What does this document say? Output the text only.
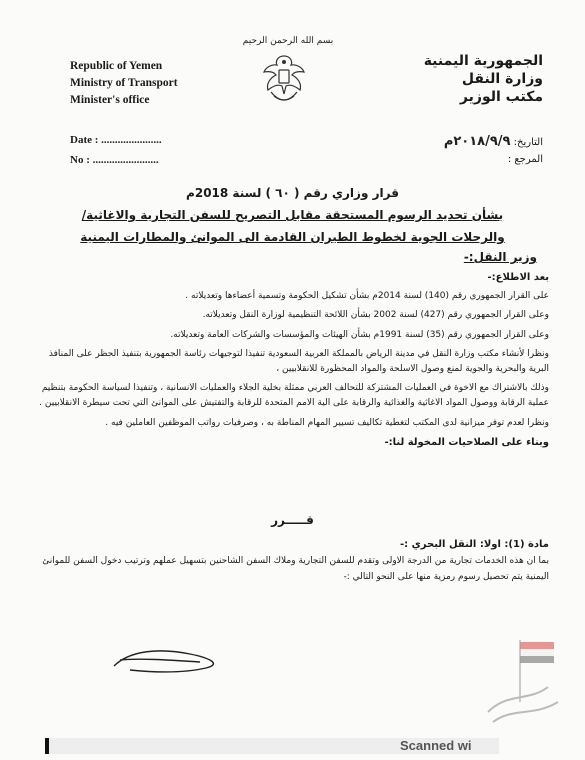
Republic of Yemen
Ministry of Transport
Minister's office
Date : ......................
No : ........................
بسم الله الرحمن الرحيم
الجمهورية اليمنية
وزارة النقل
مكتب الوزير
التاريخ: ٢٠١٨/٩/٩م
المرجع :
قرار وزاري رقم ( ٦٠ ) لسنة 2018م
بشأن تحديد الرسوم المستحقة مقابل التصريح للسفن التجارية والاغاثية/
والرحلات الجوية لخطوط الطيران القادمة الى الموانئ والمطارات اليمنية
وزير النقل:-

بعد الاطلاع:-

على القرار الجمهوري رقم (140) لسنة 2014م بشأن تشكيل الحكومة وتسمية أعضاءها وتعديلاته .

وعلى القرار الجمهوري رقم (427) لسنة 2002 بشأن اللائحة التنظيمية لوزارة النقل وتعديلاته.

وعلى القرار الجمهوري رقم (35) لسنة 1991م بشأن الهيئات والمؤسسات والشركات العامة وتعديلاته.

ونظرا لأنشاء مكتب وزارة النقل في مدينة الرياض بالمملكة العربية السعودية تنفيذا لتوجيهات رئاسة الجمهورية بتنفيذ الحظر على المنافذ البرية والبحرية والجوية لمنع وصول الاسلحة والمواد المحظورة للانقلابيين ،

وذلك بالاشتراك مع الاخوة في العمليات المشتركة للتحالف العربي ممثلة بخلية الجلاء والعمليات الانسانية ، وتنفيذا لسياسة الحكومة بتنظيم عملية الرقابة ووصول المواد الاغاثية والغذائية والرقابة على الية الامم المتحدة للرقابة والتفتيش على الموانئ التي تحت سيطرة الانقلابيين .

ونظرا لعدم توفر ميزانية لدى المكتب لتغطية تكاليف تسيير المهام المناطة به ، وصرفيات رواتب الموظفين العاملين فيه .

وبناء على الصلاحيات المخولة لنا:-

قـــــرر
مادة (1): اولا: النقل البحري :-
بما ان هذه الخدمات تجارية من الدرجة الاولى وتقدم للسفن التجارية وملاك السفن الشاحنين بتسهيل عملهم وترتيب دخول السفن للموانئ اليمنية يتم تحصيل رسوم رمزية منها على النحو التالي :-
Scanned wi
